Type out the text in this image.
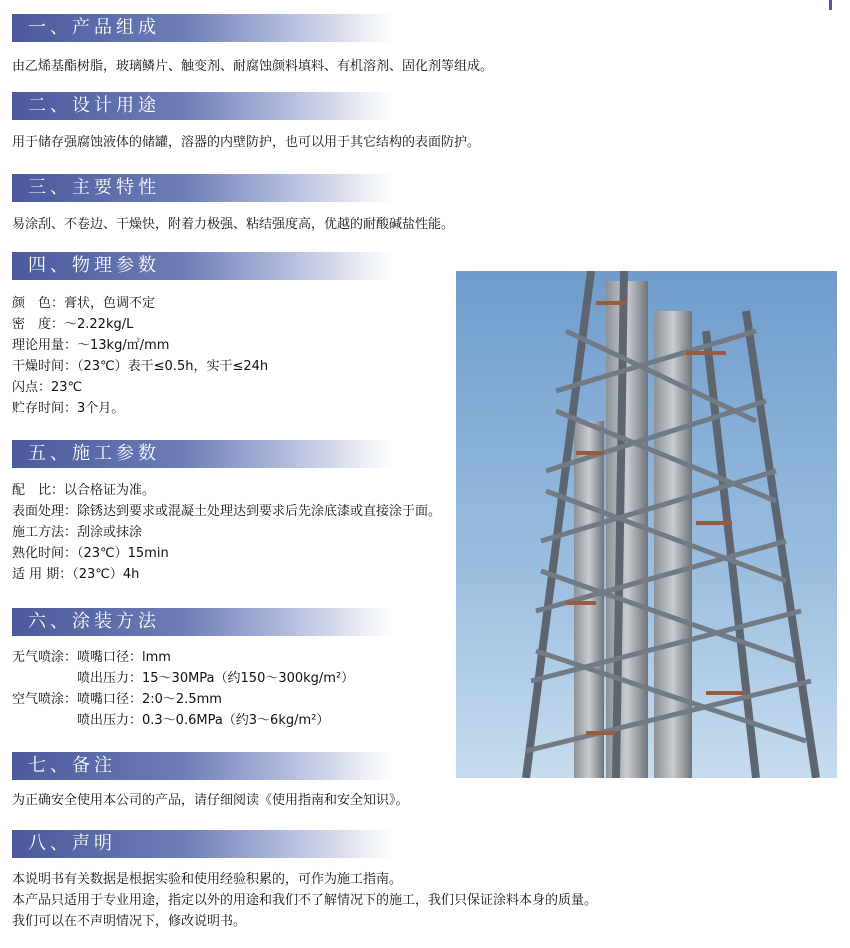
一、产品组成
由乙烯基酯树脂，玻璃鳞片、触变剂、耐腐蚀颜料填料、有机溶剂、固化剂等组成。
二、设计用途
用于储存强腐蚀液体的储罐，溶器的内壁防护，也可以用于其它结构的表面防护。
三、主要特性
易涂刮、不卷边、干燥快，附着力极强、粘结强度高，优越的耐酸碱盐性能。
四、物理参数
颜　色：膏状，色调不定
密　度：～2.22kg/L
理论用量：～13kg/㎡/mm
干燥时间：（23℃）表干≤0.5h，实干≤24h
闪点：23℃
贮存时间：3个月。
五、施工参数
配　比：以合格证为准。
表面处理：除锈达到要求或混凝土处理达到要求后先涂底漆或直接涂于面。
施工方法：刮涂或抹涂
熟化时间：（23℃）15min
适 用 期：（23℃）4h
六、涂装方法
无气喷涂：喷嘴口径：lmm
　　　　　喷出压力：15～30MPa（约150～300kg/m²）
空气喷涂：喷嘴口径：2:0～2.5mm
　　　　　喷出压力：0.3～0.6MPa（约3～6kg/m²）
七、备注
为正确安全使用本公司的产品，请仔细阅读《使用指南和安全知识》。
八、声明
本说明书有关数据是根据实验和使用经验积累的，可作为施工指南。
本产品只适用于专业用途，指定以外的用途和我们不了解情况下的施工，我们只保证涂料本身的质量。
我们可以在不声明情况下，修改说明书。
